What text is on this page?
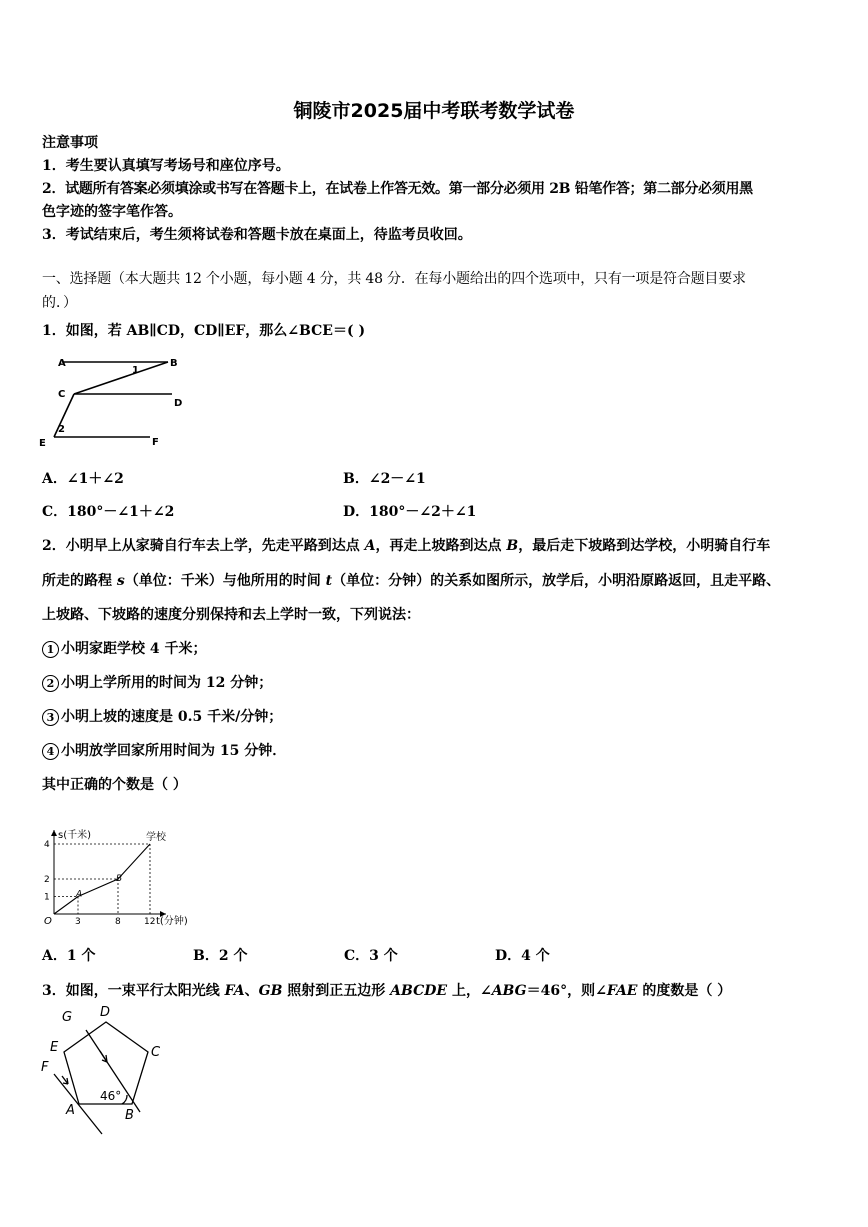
铜陵市2025届中考联考数学试卷
注意事项
1．考生要认真填写考场号和座位序号。
2．试题所有答案必须填涂或书写在答题卡上，在试卷上作答无效。第一部分必须用 2B 铅笔作答；第二部分必须用黑
色字迹的签字笔作答。
3．考试结束后，考生须将试卷和答题卡放在桌面上，待监考员收回。
一、选择题（本大题共 12 个小题，每小题 4 分，共 48 分．在每小题给出的四个选项中，只有一项是符合题目要求
的．）
1．如图，若 AB∥CD，CD∥EF，那么∠BCE＝( )
A	B
C
D
E	F
1
2
A．∠1＋∠2	B．∠2－∠1
C．180°－∠1＋∠2	D．180°－∠2＋∠1
2．小明早上从家骑自行车去上学，先走平路到达点 A，再走上坡路到达点 B，最后走下坡路到达学校，小明骑自行车
所走的路程 s（单位：千米）与他所用的时间 t（单位：分钟）的关系如图所示，放学后，小明沿原路返回，且走平路、
上坡路、下坡路的速度分别保持和去上学时一致，下列说法：
1 小明家距学校 4 千米；
2 小明上学所用的时间为 12 分钟；
3 小明上坡的速度是 0.5 千米/分钟；
4 小明放学回家所用时间为 15 分钟．
其中正确的个数是（ ）
s(千米)
t(分钟)
O	3	8	12
1
2
4
A
B
学校
A．1 个	B．2 个	C．3 个	D．4 个
3．如图，一束平行太阳光线 FA、GB 照射到正五边形 ABCDE 上，∠ABG＝46°，则∠FAE 的度数是（ ）
G D
C
E
F
A	B
46°
